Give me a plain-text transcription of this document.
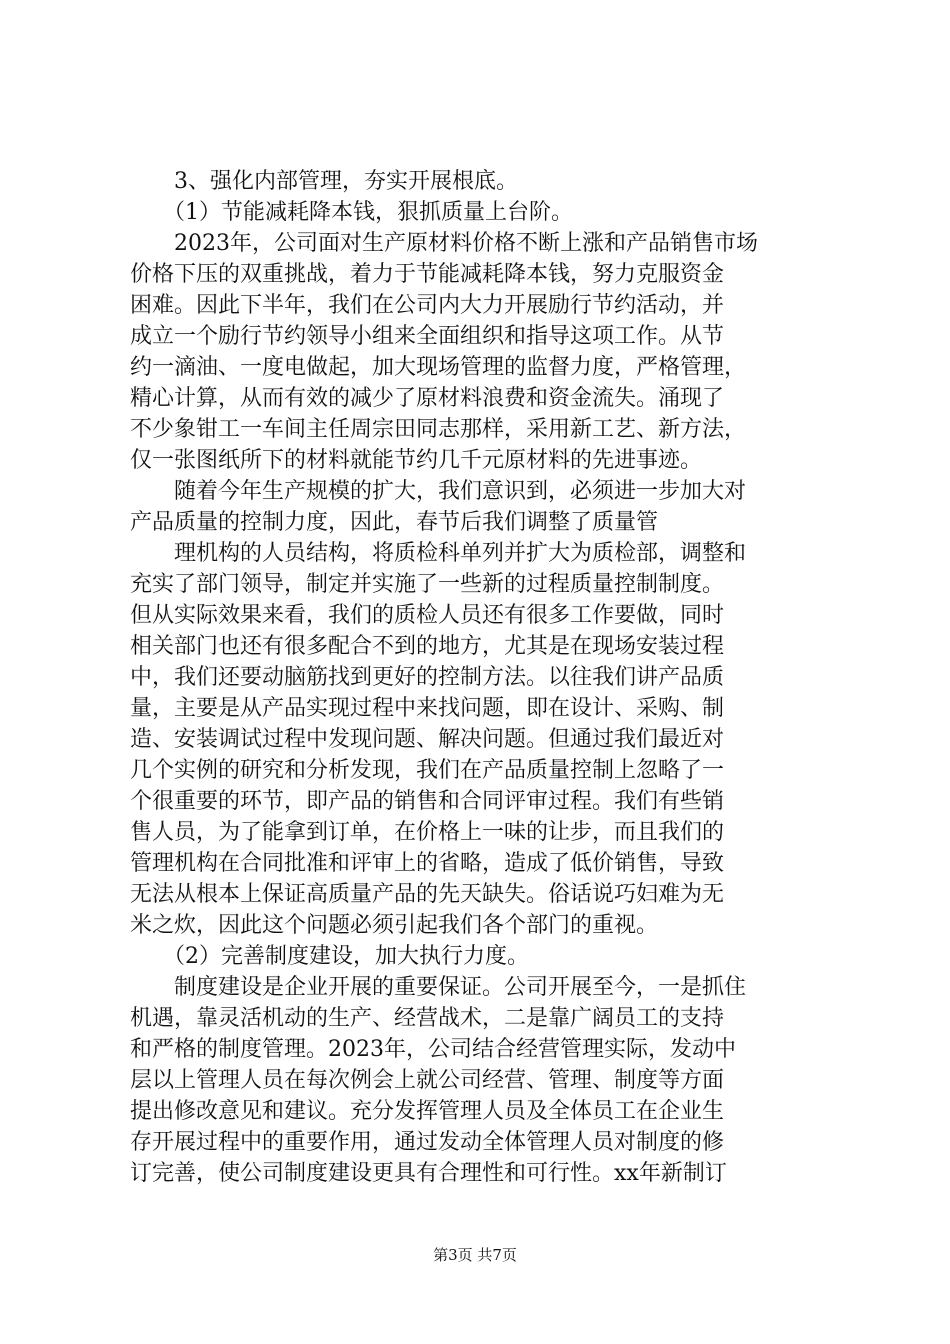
　　3、强化内部管理，夯实开展根底。
　　（1）节能减耗降本钱，狠抓质量上台阶。
　　2023年，公司面对生产原材料价格不断上涨和产品销售市场
价格下压的双重挑战，着力于节能减耗降本钱，努力克服资金
困难。因此下半年，我们在公司内大力开展励行节约活动，并
成立一个励行节约领导小组来全面组织和指导这项工作。从节
约一滴油、一度电做起，加大现场管理的监督力度，严格管理，
精心计算，从而有效的减少了原材料浪费和资金流失。涌现了
不少象钳工一车间主任周宗田同志那样，采用新工艺、新方法，
仅一张图纸所下的材料就能节约几千元原材料的先进事迹。
　　随着今年生产规模的扩大，我们意识到，必须进一步加大对
产品质量的控制力度，因此，春节后我们调整了质量管
　　理机构的人员结构，将质检科单列并扩大为质检部，调整和
充实了部门领导，制定并实施了一些新的过程质量控制制度。
但从实际效果来看，我们的质检人员还有很多工作要做，同时
相关部门也还有很多配合不到的地方，尤其是在现场安装过程
中，我们还要动脑筋找到更好的控制方法。以往我们讲产品质
量，主要是从产品实现过程中来找问题，即在设计、采购、制
造、安装调试过程中发现问题、解决问题。但通过我们最近对
几个实例的研究和分析发现，我们在产品质量控制上忽略了一
个很重要的环节，即产品的销售和合同评审过程。我们有些销
售人员，为了能拿到订单，在价格上一味的让步，而且我们的
管理机构在合同批准和评审上的省略，造成了低价销售，导致
无法从根本上保证高质量产品的先天缺失。俗话说巧妇难为无
米之炊，因此这个问题必须引起我们各个部门的重视。
　　（2）完善制度建设，加大执行力度。
　　制度建设是企业开展的重要保证。公司开展至今，一是抓住
机遇，靠灵活机动的生产、经营战术，二是靠广阔员工的支持
和严格的制度管理。2023年，公司结合经营管理实际，发动中
层以上管理人员在每次例会上就公司经营、管理、制度等方面
提出修改意见和建议。充分发挥管理人员及全体员工在企业生
存开展过程中的重要作用，通过发动全体管理人员对制度的修
订完善，使公司制度建设更具有合理性和可行性。xx年新制订
第3页 共7页
